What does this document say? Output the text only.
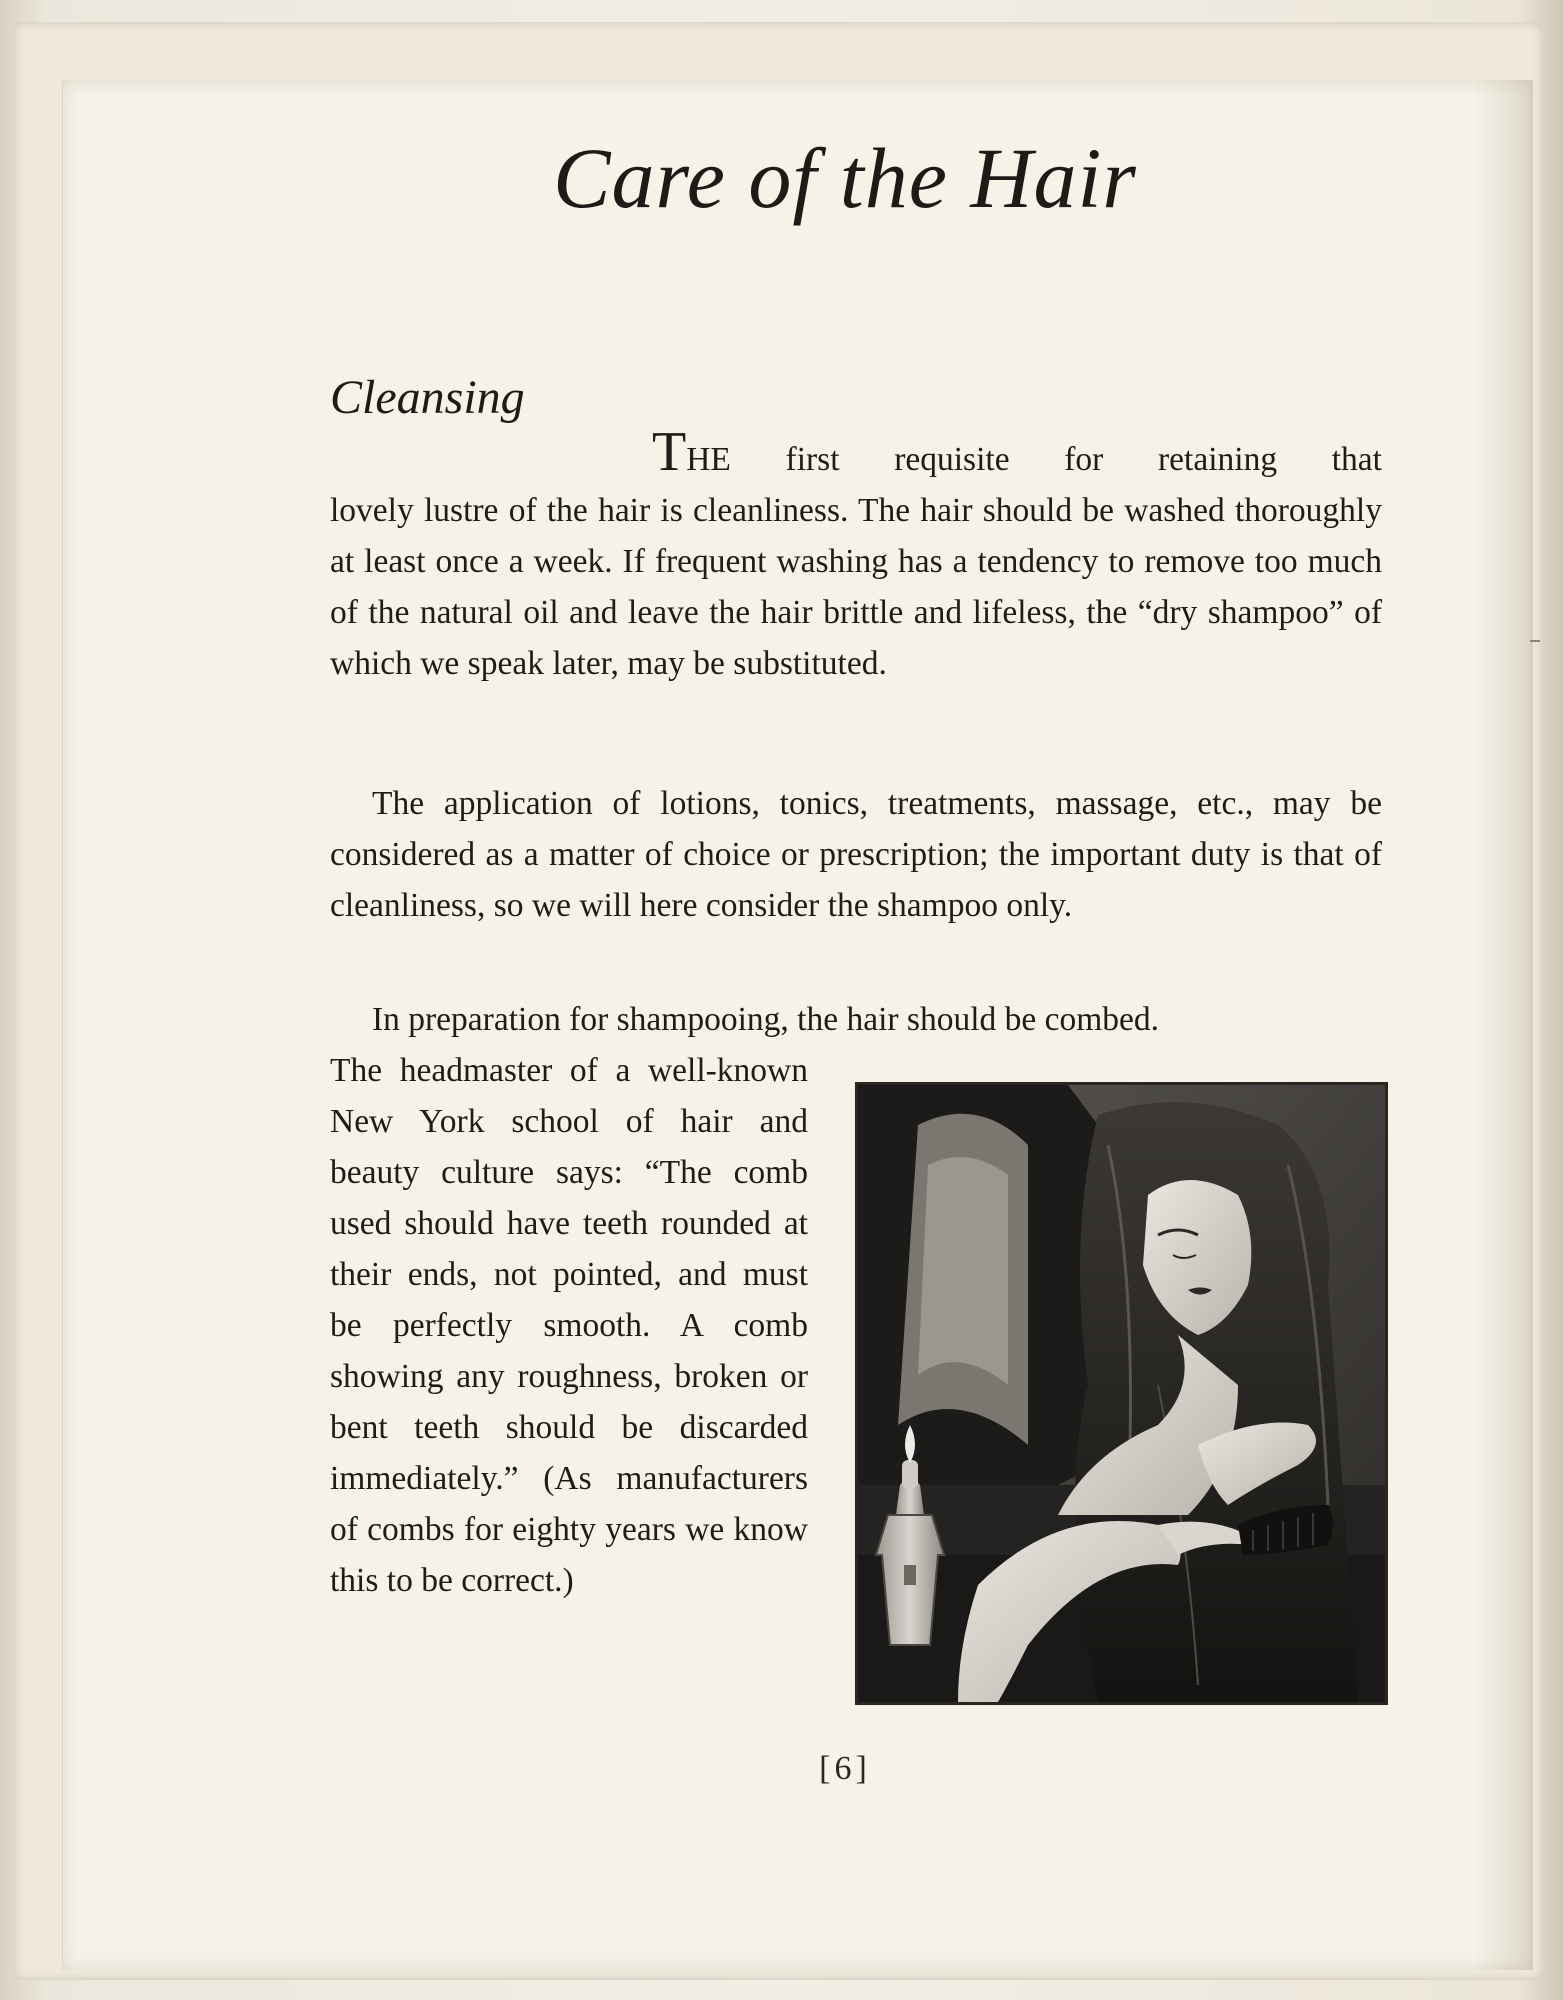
Care of the Hair
Cleansing

THE first requisite for retaining that
lovely lustre of the hair is cleanliness. The hair should be washed thoroughly at least once a week. If frequent washing has a tendency to remove too much of the natural oil and leave the hair brittle and lifeless, the “dry shampoo” of which we speak later, may be substituted.

The application of lotions, tonics, treatments, massage, etc., may be considered as a matter of choice or prescription; the important duty is that of cleanliness, so we will here consider the shampoo only.

In preparation for shampooing, the hair should be combed.

The headmaster of a well-known New York school of hair and beauty culture says: “The comb used should have teeth rounded at their ends, not pointed, and must be perfectly smooth. A comb showing any roughness, broken or bent teeth should be discarded immediately.” (As manufacturers of combs for eighty years we know this to be correct.)

[6]
